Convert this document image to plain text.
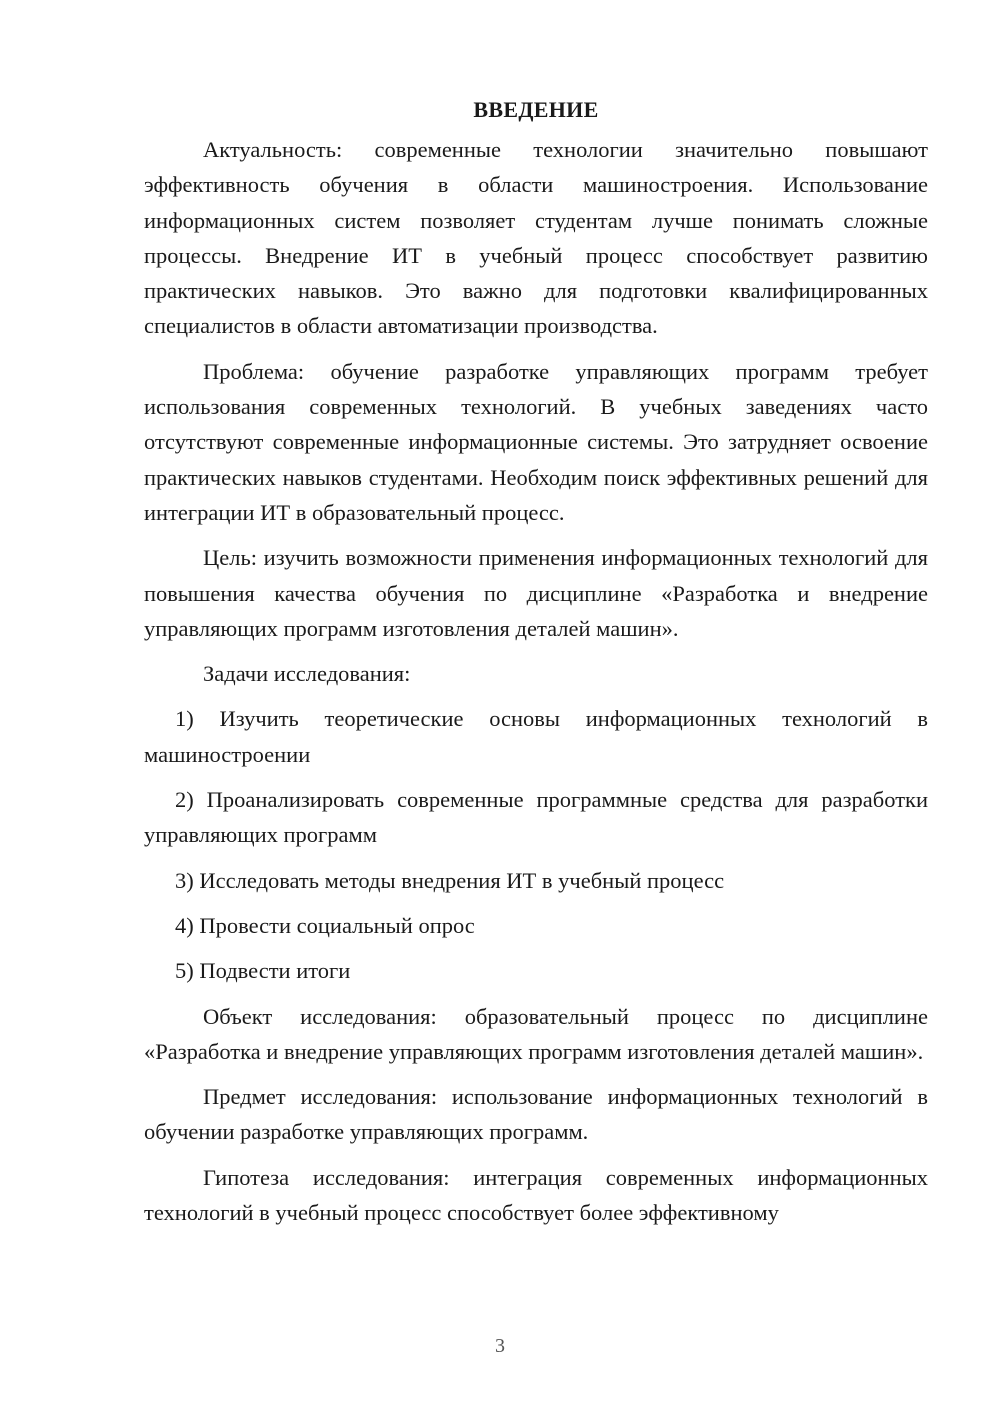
ВВЕДЕНИЕ

Актуальность: современные технологии значительно повышают эффективность обучения в области машиностроения. Использование информационных систем позволяет студентам лучше понимать сложные процессы. Внедрение ИТ в учебный процесс способствует развитию практических навыков. Это важно для подготовки квалифицированных специалистов в области автоматизации производства.

Проблема: обучение разработке управляющих программ требует использования современных технологий. В учебных заведениях часто отсутствуют современные информационные системы. Это затрудняет освоение практических навыков студентами. Необходим поиск эффективных решений для интеграции ИТ в образовательный процесс.

Цель: изучить возможности применения информационных технологий для повышения качества обучения по дисциплине «Разработка и внедрение управляющих программ изготовления деталей машин».

Задачи исследования:

1) Изучить теоретические основы информационных технологий в машиностроении

2) Проанализировать современные программные средства для разработки управляющих программ

3) Исследовать методы внедрения ИТ в учебный процесс

4) Провести социальный опрос

5) Подвести итоги

Объект исследования: образовательный процесс по дисциплине «Разработка и внедрение управляющих программ изготовления деталей машин».

Предмет исследования: использование информационных технологий в обучении разработке управляющих программ.

Гипотеза исследования: интеграция современных информационных технологий в учебный процесс способствует более эффективному

3
